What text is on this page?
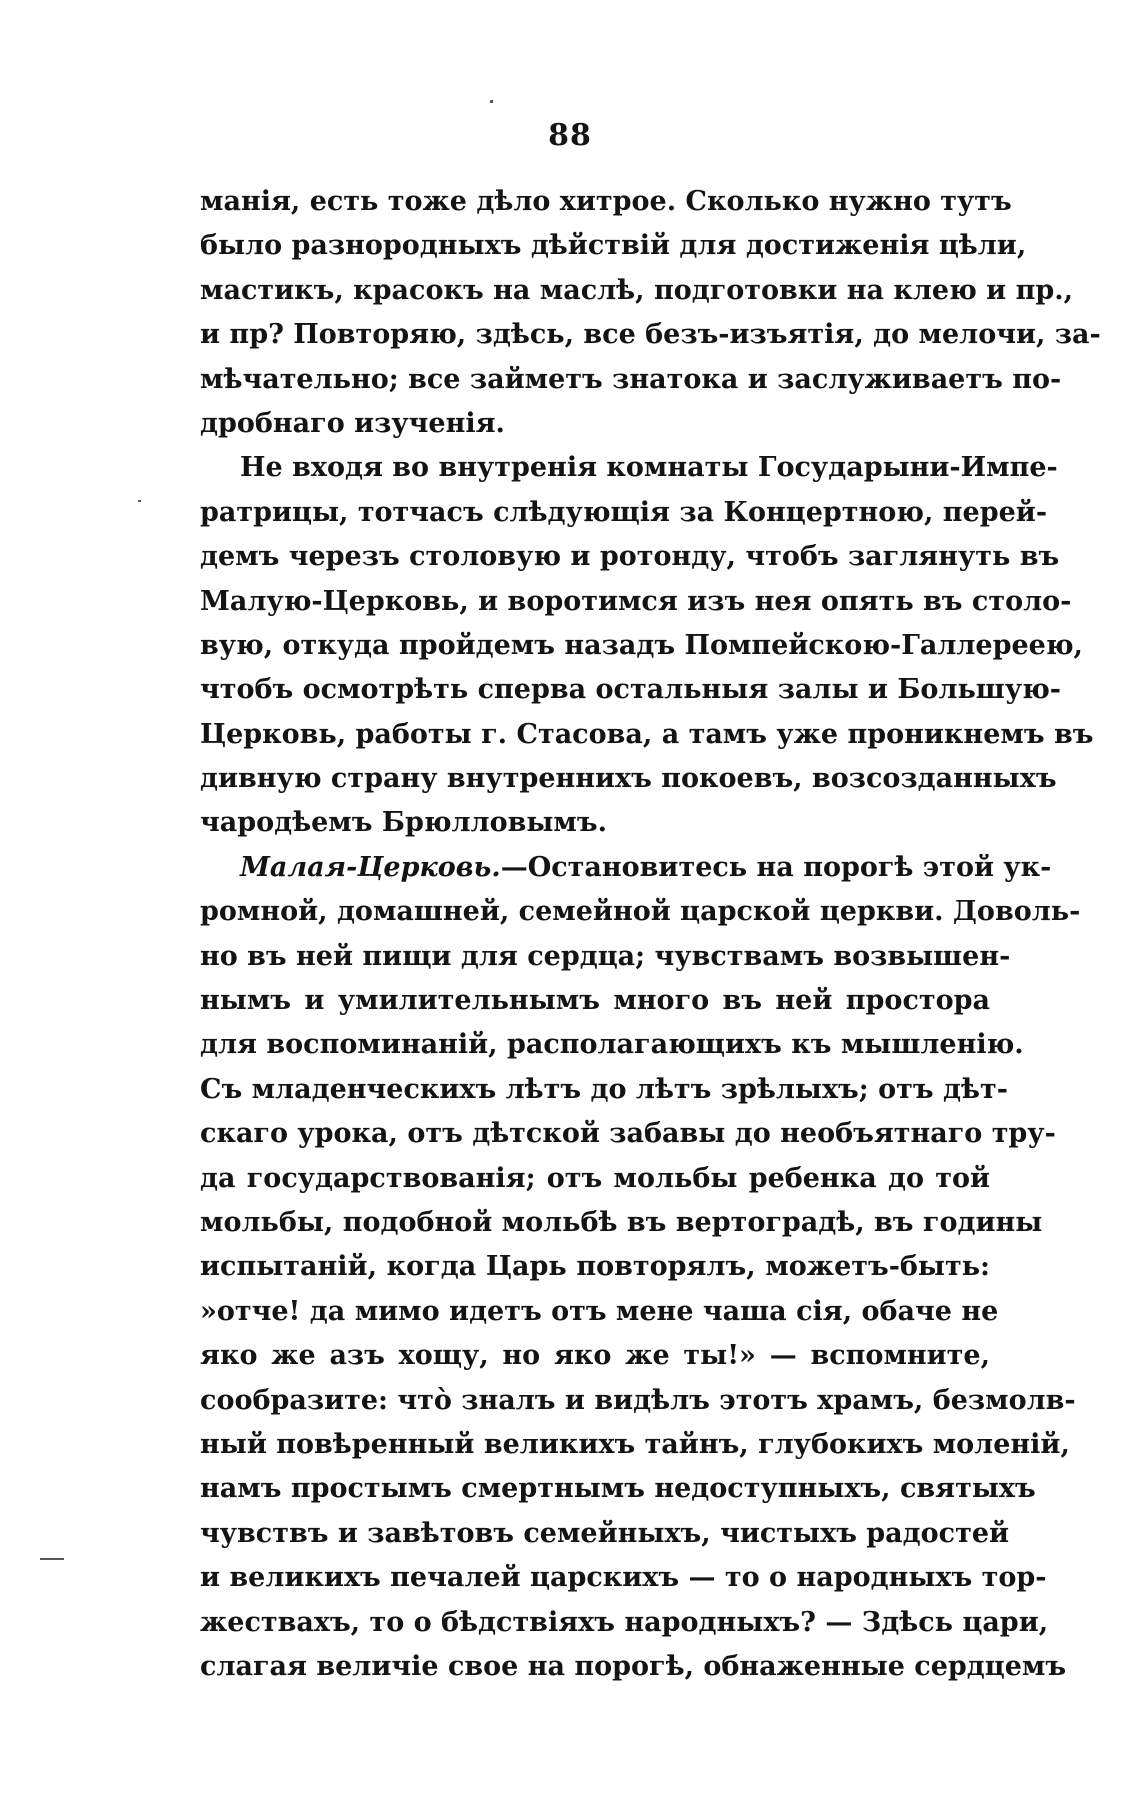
88
манія, есть тоже дѣло хитрое. Сколько нужно тутъ
было разнородныхъ дѣйствій для достиженія цѣли,
мастикъ, красокъ на маслѣ, подготовки на клею и пр.,
и пр? Повторяю, здѣсь, все безъ-изъятія, до мелочи, за-
мѣчательно; все займетъ знатока и заслуживаетъ по-
дробнаго изученія.
Не входя во внутренія комнаты Государыни-Импе-
ратрицы, тотчасъ слѣдующія за Концертною, перей-
демъ черезъ столовую и ротонду, чтобъ заглянуть въ
Малую-Церковь, и воротимся изъ нея опять въ столо-
вую, откуда пройдемъ назадъ Помпейскою-Галлереею,
чтобъ осмотрѣть сперва остальныя залы и Большую-
Церковь, работы г. Стасова, а тамъ уже проникнемъ въ
дивную страну внутреннихъ покоевъ, возсозданныхъ
чародѣемъ Брюлловымъ.
Малая-Церковь.—Остановитесь на порогѣ этой ук-
ромной, домашней, семейной царской церкви. Доволь-
но въ ней пищи для сердца; чувствамъ возвышен-
нымъ и умилительнымъ много въ ней простора
для воспоминаній, располагающихъ къ мышленію.
Съ младенческихъ лѣтъ до лѣтъ зрѣлыхъ; отъ дѣт-
скаго урока, отъ дѣтской забавы до необъятнаго тру-
да государствованія; отъ мольбы ребенка до той
мольбы, подобной мольбѣ въ вертоградѣ, въ годины
испытаній, когда Царь повторялъ, можетъ-быть:
»отче! да мимо идетъ отъ мене чаша сія, обаче не
яко же азъ хощу, но яко же ты!» — вспомните,
сообразите: что̀ зналъ и видѣлъ этотъ храмъ, безмолв-
ный повѣренный великихъ тайнъ, глубокихъ моленій,
намъ простымъ смертнымъ недоступныхъ, святыхъ
чувствъ и завѣтовъ семейныхъ, чистыхъ радостей
и великихъ печалей царскихъ — то о народныхъ тор-
жествахъ, то о бѣдствіяхъ народныхъ? — Здѣсь цари,
слагая величіе свое на порогѣ, обнаженные сердцемъ
